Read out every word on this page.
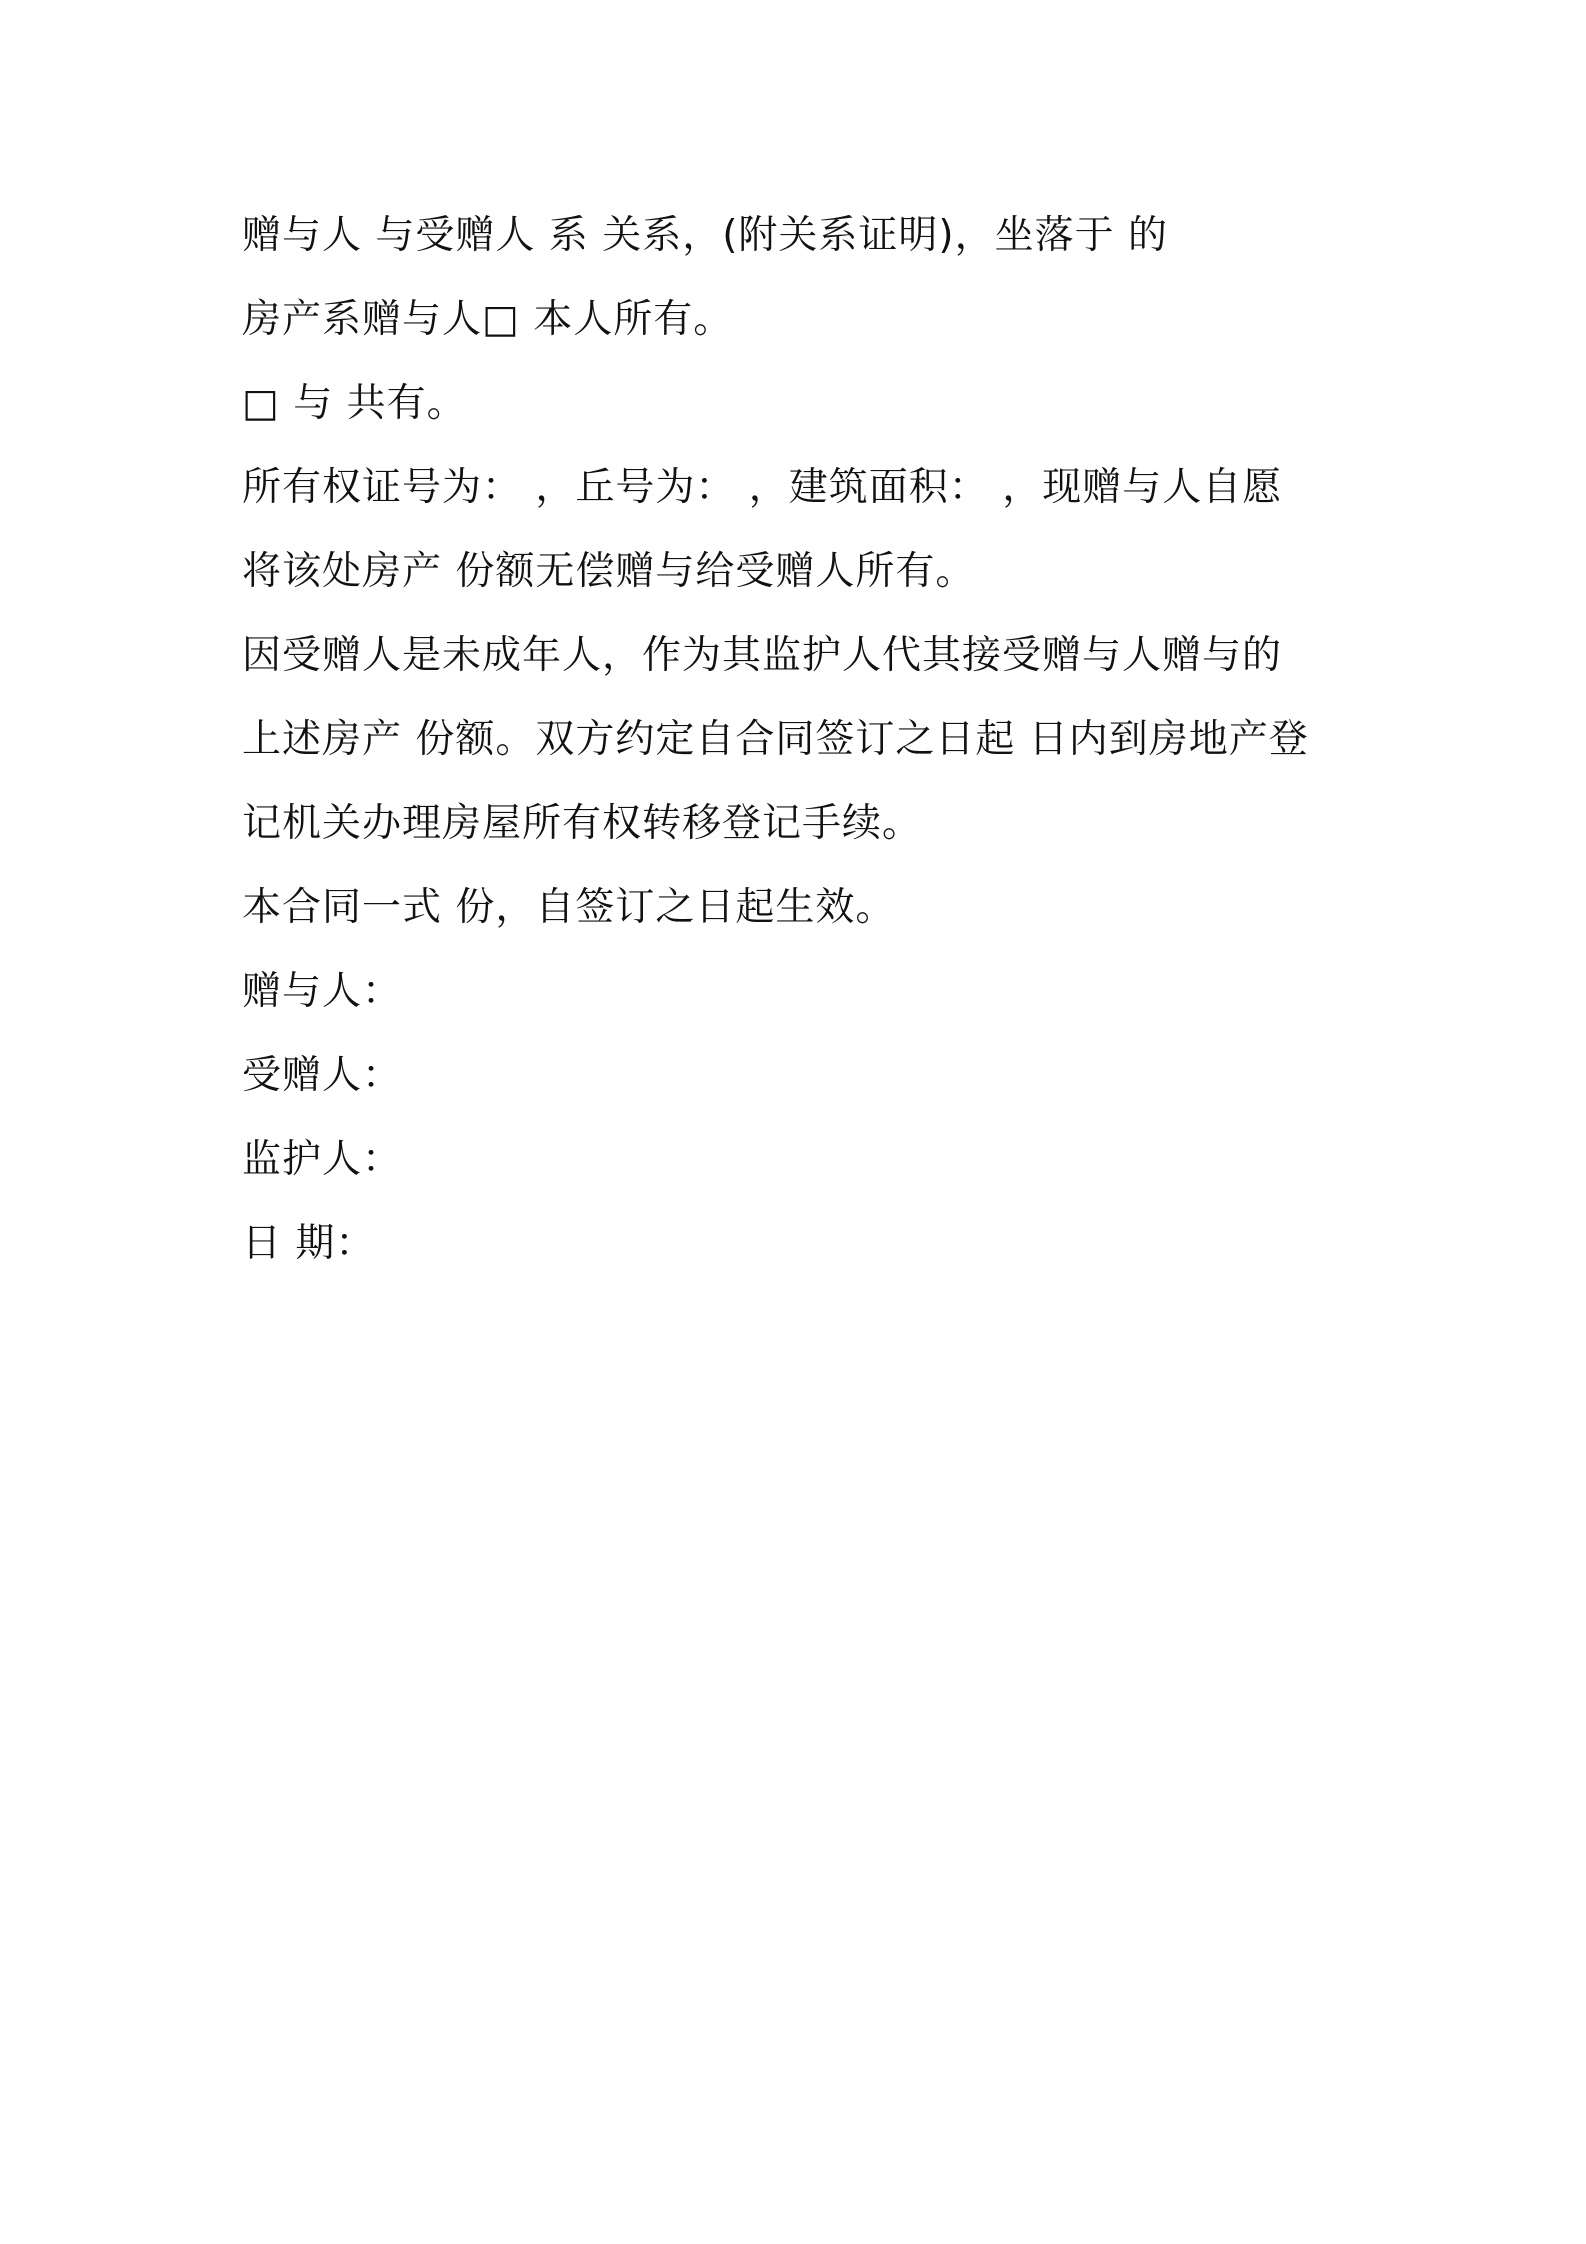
赠与人 与受赠人 系 关系，(附关系证明)，坐落于 的
房产系赠与人□ 本人所有。
□ 与 共有。
所有权证号为： ，丘号为： ，建筑面积： ，现赠与人自愿
将该处房产 份额无偿赠与给受赠人所有。
因受赠人是未成年人，作为其监护人代其接受赠与人赠与的
上述房产 份额。双方约定自合同签订之日起 日内到房地产登
记机关办理房屋所有权转移登记手续。
本合同一式 份，自签订之日起生效。
赠与人：
受赠人：
监护人：
日 期：
